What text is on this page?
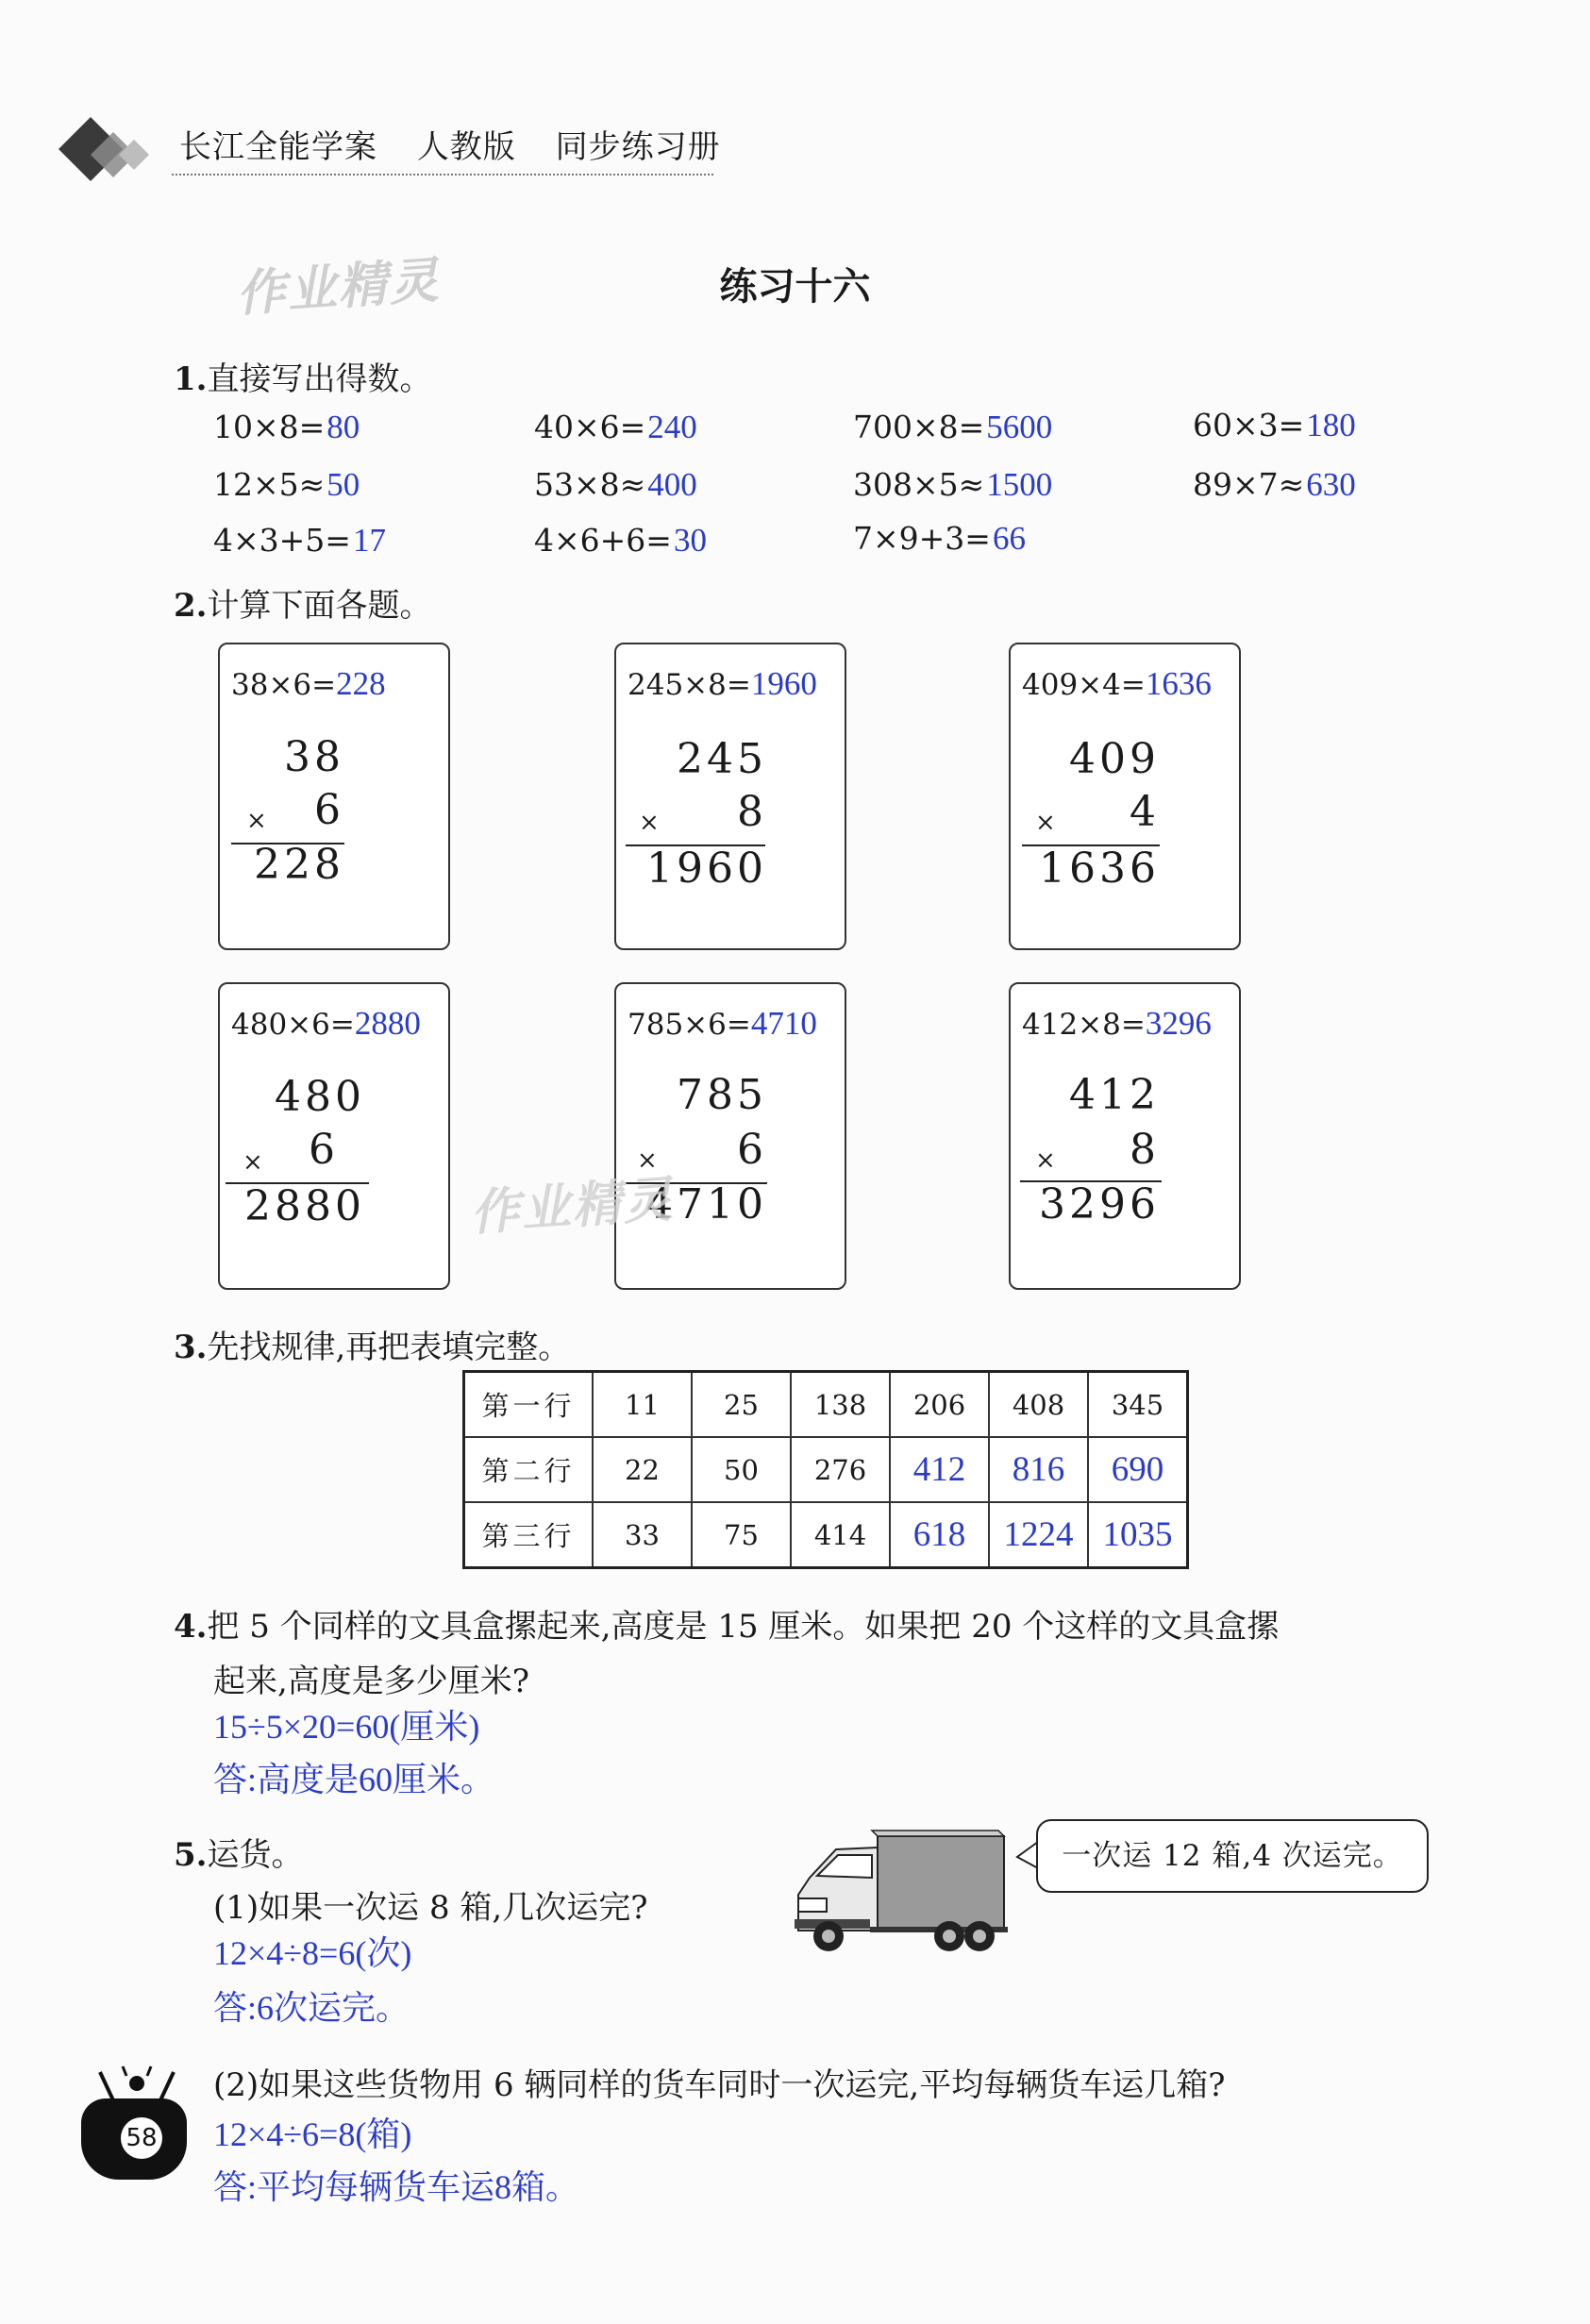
长江全能学案 人教版 同步练习册
作业精灵	练习十六
1.直接写出得数。
10×8=80	40×6=240	700×8=5600	60×3=180
12×5≈50	53×8≈400	308×5≈1500	89×7≈630
4×3+5=17	4×6+6=30	7×9+3=66
2.计算下面各题。
38×6=228
38
× 6
228
245×8=1960
245
× 8
1960
409×4=1636
409
× 4
1636
480×6=2880
480
× 6
2880
785×6=4710
785
× 6
4710
412×8=3296
412
× 8
3296
作业精灵
3.先找规律,再把表填完整。
第一行	11	25	138	206	408	345
第二行	22	50	276	412	816	690
第三行	33	75	414	618	1224	1035
4.把 5 个同样的文具盒摞起来,高度是 15 厘米。如果把 20 个这样的文具盒摞
起来,高度是多少厘米?
15÷5×20=60(厘米)
答:高度是60厘米。
5.运货。	一次运 12 箱,4 次运完。
(1)如果一次运 8 箱,几次运完?
12×4÷8=6(次)
答:6次运完。
(2)如果这些货物用 6 辆同样的货车同时一次运完,平均每辆货车运几箱?
12×4÷6=8(箱)
答:平均每辆货车运8箱。
58
